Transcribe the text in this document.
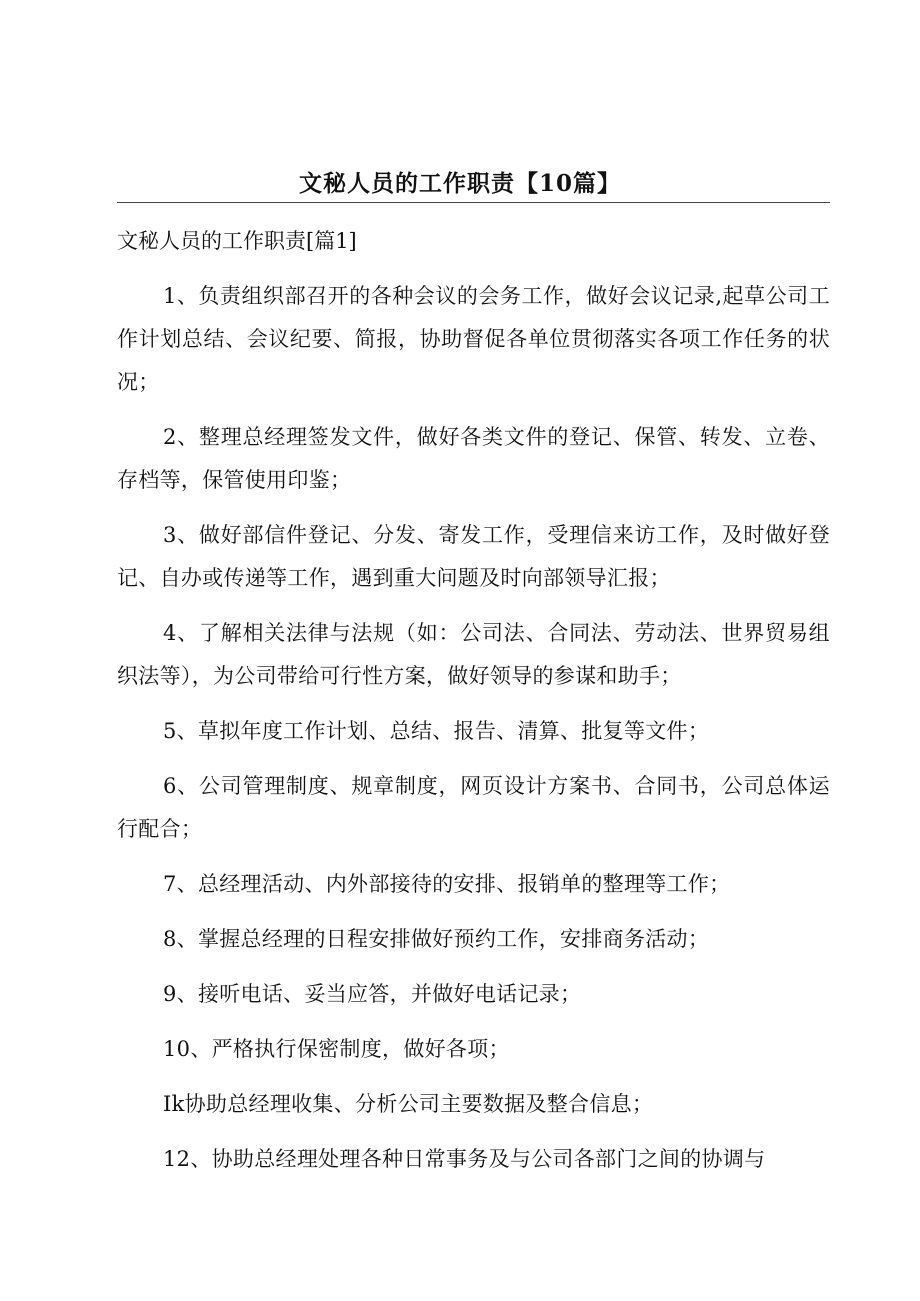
文秘人员的工作职责【10篇】
文秘人员的工作职责[篇1]

1、负责组织部召开的各种会议的会务工作，做好会议记录,起草公司工作计划总结、会议纪要、简报，协助督促各单位贯彻落实各项工作任务的状况；

2、整理总经理签发文件，做好各类文件的登记、保管、转发、立卷、存档等，保管使用印鉴；

3、做好部信件登记、分发、寄发工作，受理信来访工作，及时做好登记、自办或传递等工作，遇到重大问题及时向部领导汇报；

4、了解相关法律与法规（如：公司法、合同法、劳动法、世界贸易组织法等），为公司带给可行性方案，做好领导的参谋和助手；

5、草拟年度工作计划、总结、报告、清算、批复等文件；

6、公司管理制度、规章制度，网页设计方案书、合同书，公司总体运行配合；

7、总经理活动、内外部接待的安排、报销单的整理等工作；

8、掌握总经理的日程安排做好预约工作，安排商务活动；

9、接听电话、妥当应答，并做好电话记录；

10、严格执行保密制度，做好各项；

Ik协助总经理收集、分析公司主要数据及整合信息；

12、协助总经理处理各种日常事务及与公司各部门之间的协调与
